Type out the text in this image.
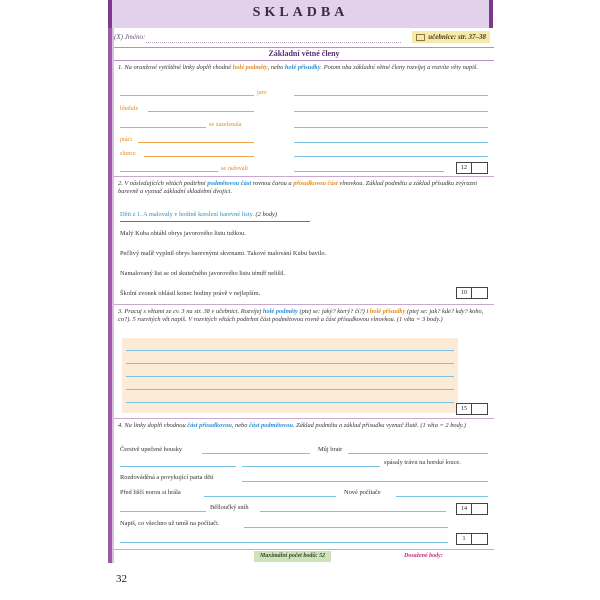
SKLADBA
(X) Jméno:	učebnice: str. 37–38
Základní větné členy
1. Na oranžové vytištěné linky doplň vhodné holé podměty, nebo holé přísudky. Potom oba základní větné členy rozvíjej a rozvíte věty napiš.
jaro
bledule
se zazelenala
ptáci
slunce
se radovali	12
2. V následujících větách podtrhni podmětovou část rovnou čarou a přísudkovou část vlnovkou. Základ podmětu a základ přísudku zvýrazni barevně a vyznač základní skladební dvojici.
Děti z 1. A malovaly v hodině kreslení barevné listy. (2 body)
Malý Kuba obtáhl obrys javorového listu tužkou.
Pečlivý malíř vyplnil obrys barevnými skvrnami. Takové malování Kubu bavilo.
Namalovaný list se od skutečného javorového listu téměř nelišil.
Školní zvonek ohlásil konec hodiny právě v nejlepším.	10
3. Pracuj s větami ze cv. 3 na str. 38 v učebnici. Rozvíjej holé podměty (ptej se: jaký? který? čí?) i holé přísudky (ptej se: jak? kde? kdy? koho, co?). 5 rozvitých vět napiš. V rozvitých větách podtrhni část podmětovou rovně a část přísudkovou vlnovkou. (1 věta = 3 body.)
15
4. Na linky doplň vhodnou část přísudkovou, nebo část podmětovou. Základ podmětu a základ přísudku vyznač žlutě. (1 věta = 2 body.)
Čerstvě upečené housky	Můj bratr
spásaly trávu na horské louce.
Rozdováděná a povykující parta dětí
Před liščí norou si hrála	Nové počítače
Bělloučký sníh	14
Napiš, co všechno už umíš na počítači.
1
Maximální počet bodů: 52	Dosažené body:
32
